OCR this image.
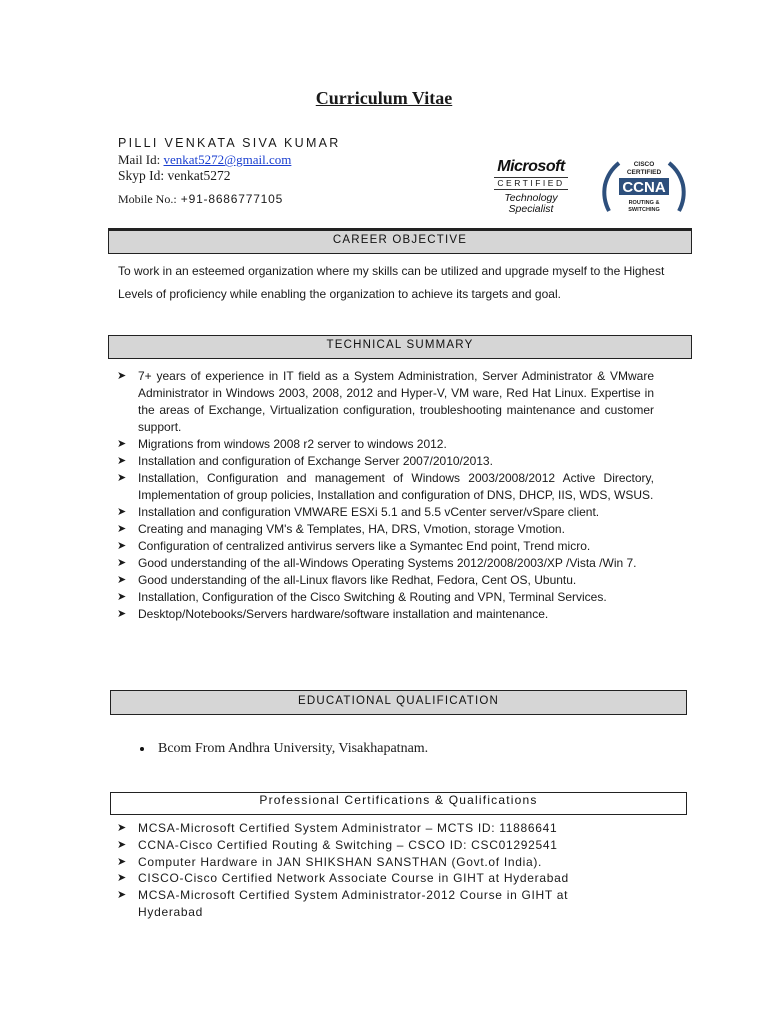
Curriculum Vitae
PILLI VENKATA SIVA KUMAR
Mail Id: venkat5272@gmail.com
Skyp Id: venkat5272
Mobile No.: +91-8686777105
Microsoft
CERTIFIED
Technology
Specialist
CISCO
CERTIFIED
CCNA
ROUTING &
SWITCHING
CAREER OBJECTIVE
To work in an esteemed organization where my skills can be utilized and upgrade myself to the Highest Levels of proficiency while enabling the organization to achieve its targets and goal.
TECHNICAL SUMMARY
➤ 7+ years of experience in IT field as a System Administration, Server Administrator & VMware Administrator in Windows 2003, 2008, 2012 and Hyper-V, VM ware, Red Hat Linux. Expertise in the areas of Exchange, Virtualization configuration, troubleshooting maintenance and customer support.
➤ Migrations from windows 2008 r2 server to windows 2012.
➤ Installation and configuration of Exchange Server 2007/2010/2013.
➤ Installation, Configuration and management of Windows 2003/2008/2012 Active Directory, Implementation of group policies, Installation and configuration of DNS, DHCP, IIS, WDS, WSUS.
➤ Installation and configuration VMWARE ESXi 5.1 and 5.5 vCenter server/vSpare client.
➤ Creating and managing VM's & Templates, HA, DRS, Vmotion, storage Vmotion.
➤ Configuration of centralized antivirus servers like a Symantec End point, Trend micro.
➤ Good understanding of the all-Windows Operating Systems 2012/2008/2003/XP /Vista /Win 7.
➤ Good understanding of the all-Linux flavors like Redhat, Fedora, Cent OS, Ubuntu.
➤ Installation, Configuration of the Cisco Switching & Routing and VPN, Terminal Services.
➤ Desktop/Notebooks/Servers hardware/software installation and maintenance.
EDUCATIONAL QUALIFICATION
Bcom From Andhra University, Visakhapatnam.
Professional Certifications & Qualifications
➤ MCSA-Microsoft Certified System Administrator – MCTS ID: 11886641
➤ CCNA-Cisco Certified Routing & Switching – CSCO ID: CSC01292541
➤ Computer Hardware in JAN SHIKSHAN SANSTHAN (Govt.of India).
➤ CISCO-Cisco Certified Network Associate Course in GIHT at Hyderabad
➤ MCSA-Microsoft Certified System Administrator-2012 Course in GIHT at Hyderabad
